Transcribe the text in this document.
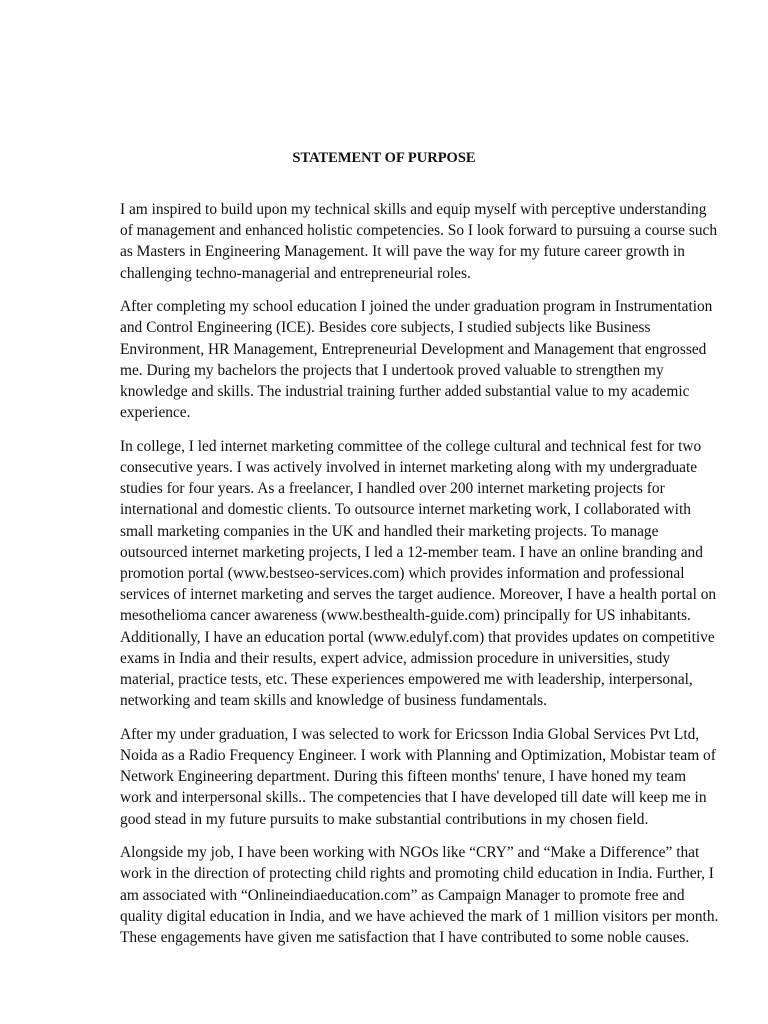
STATEMENT OF PURPOSE
I am inspired to build upon my technical skills and equip myself with perceptive understanding
of management and enhanced holistic competencies. So I look forward to pursuing a course such
as Masters in Engineering Management. It will pave the way for my future career growth in
challenging techno-managerial and entrepreneurial roles.
After completing my school education I joined the under graduation program in Instrumentation
and Control Engineering (ICE). Besides core subjects, I studied subjects like Business
Environment, HR Management, Entrepreneurial Development and Management that engrossed
me. During my bachelors the projects that I undertook proved valuable to strengthen my
knowledge and skills. The industrial training further added substantial value to my academic
experience.
In college, I led internet marketing committee of the college cultural and technical fest for two
consecutive years. I was actively involved in internet marketing along with my undergraduate
studies for four years. As a freelancer, I handled over 200 internet marketing projects for
international and domestic clients. To outsource internet marketing work, I collaborated with
small marketing companies in the UK and handled their marketing projects. To manage
outsourced internet marketing projects, I led a 12-member team. I have an online branding and
promotion portal (www.bestseo-services.com) which provides information and professional
services of internet marketing and serves the target audience. Moreover, I have a health portal on
mesothelioma cancer awareness (www.besthealth-guide.com) principally for US inhabitants.
Additionally, I have an education portal (www.edulyf.com) that provides updates on competitive
exams in India and their results, expert advice, admission procedure in universities, study
material, practice tests, etc. These experiences empowered me with leadership, interpersonal,
networking and team skills and knowledge of business fundamentals.
After my under graduation, I was selected to work for Ericsson India Global Services Pvt Ltd,
Noida as a Radio Frequency Engineer. I work with Planning and Optimization, Mobistar team of
Network Engineering department. During this fifteen months' tenure, I have honed my team
work and interpersonal skills.. The competencies that I have developed till date will keep me in
good stead in my future pursuits to make substantial contributions in my chosen field.
Alongside my job, I have been working with NGOs like “CRY” and “Make a Difference” that
work in the direction of protecting child rights and promoting child education in India. Further, I
am associated with “Onlineindiaeducation.com” as Campaign Manager to promote free and
quality digital education in India, and we have achieved the mark of 1 million visitors per month.
These engagements have given me satisfaction that I have contributed to some noble causes.
